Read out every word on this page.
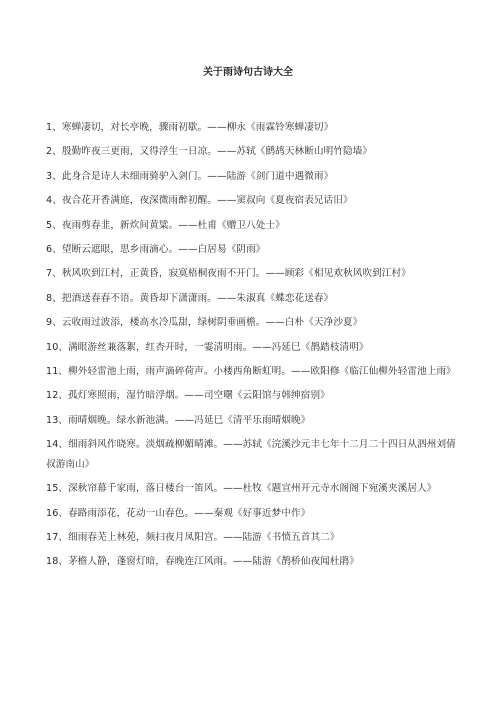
关于雨诗句古诗大全
1、寒蝉凄切，对长亭晚，骤雨初歇。——柳永《雨霖铃寒蝉凄切》
2、殷勤昨夜三更雨，又得浮生一日凉。——苏轼《鹧鸪天林断山明竹隐墙》
3、此身合是诗人未细雨骑驴入剑门。——陆游《剑门道中遇微雨》
4、夜合花开香满庭，夜深微雨醉初醒。——窦叔向《夏夜宿表兄话旧》
5、夜雨剪春韭，新炊间黄粱。——杜甫《赠卫八处士》
6、望断云遮眼，思乡雨滴心。——白居易《阴雨》
7、秋风吹到江村，正黄昏，寂寞梧桐夜雨不开门。——顾彩《相见欢秋风吹到江村》
8、把酒送春春不语。黄昏却下潇潇雨。——朱淑真《蝶恋花送春》
9、云收雨过波添，楼高水冷瓜甜，绿树阴垂画檐。——白朴《天净沙夏》
10、满眼游丝兼落絮，红杏开时，一霎清明雨。——冯延巳《鹊踏枝清明》
11、柳外轻雷池上雨，雨声滴碎荷声。小楼西角断虹明。——欧阳修《临江仙柳外轻雷池上雨》
12、孤灯寒照雨，湿竹暗浮烟。——司空曙《云阳馆与韩绅宿别》
13、雨晴烟晚。绿水新池满。——冯延巳《清平乐雨晴烟晚》
14、细雨斜风作晓寒。淡烟疏柳媚晴滩。——苏轼《浣溪沙元丰七年十二月二十四日从泗州刘倩叔游南山》
15、深秋帘幕千家雨，落日楼台一笛风。——杜牧《题宣州开元寺水阁阁下宛溪夹溪居人》
16、春路雨添花，花动一山春色。——秦观《好事近梦中作》
17、细雨春芜上林苑，频扫夜月凤阳宫。——陆游《书愤五首其二》
18、茅檐人静，蓬窗灯暗，春晚连江风雨。——陆游《鹊桥仙夜闻杜鹃》
